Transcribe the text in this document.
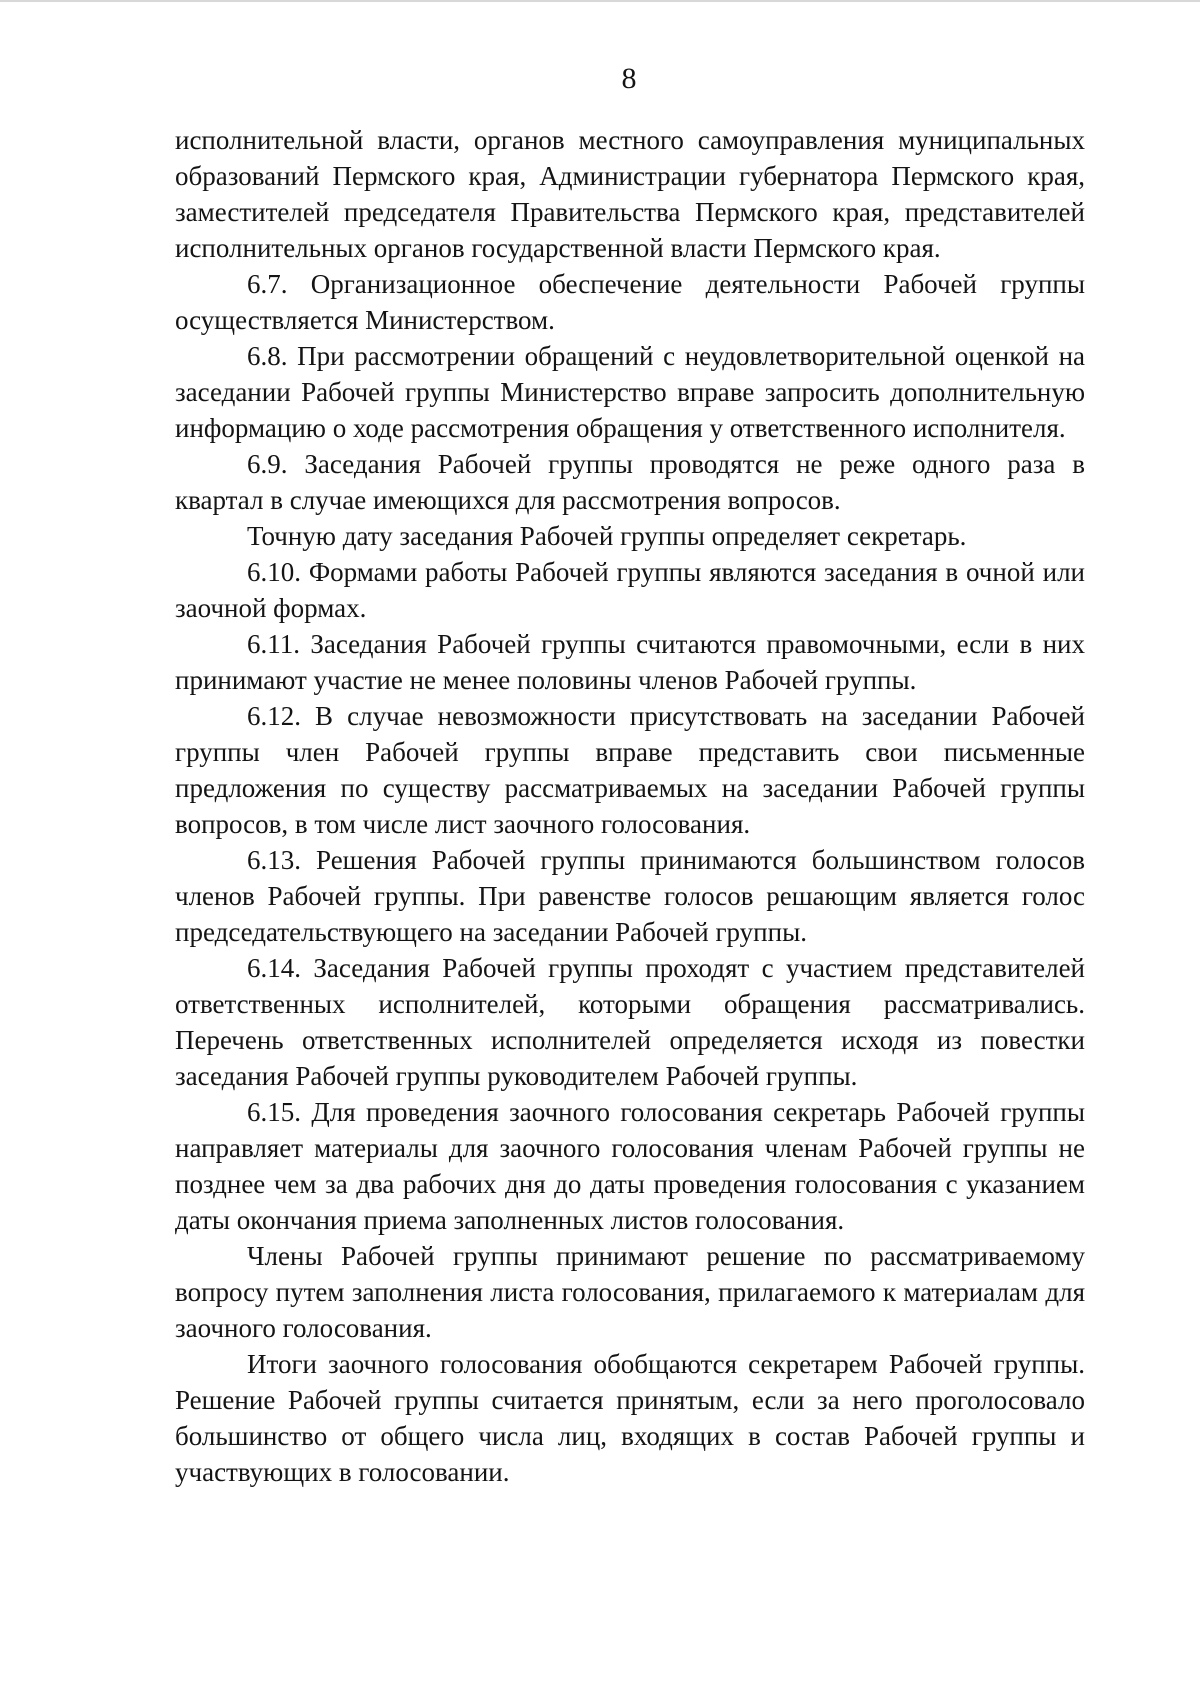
8

исполнительной власти, органов местного самоуправления муниципальных образований Пермского края, Администрации губернатора Пермского края, заместителей председателя Правительства Пермского края, представителей исполнительных органов государственной власти Пермского края.

6.7. Организационное обеспечение деятельности Рабочей группы осуществляется Министерством.

6.8. При рассмотрении обращений с неудовлетворительной оценкой на заседании Рабочей группы Министерство вправе запросить дополнительную информацию о ходе рассмотрения обращения у ответственного исполнителя.

6.9. Заседания Рабочей группы проводятся не реже одного раза в квартал в случае имеющихся для рассмотрения вопросов.

Точную дату заседания Рабочей группы определяет секретарь.

6.10. Формами работы Рабочей группы являются заседания в очной или заочной формах.

6.11. Заседания Рабочей группы считаются правомочными, если в них принимают участие не менее половины членов Рабочей группы.

6.12. В случае невозможности присутствовать на заседании Рабочей группы член Рабочей группы вправе представить свои письменные предложения по существу рассматриваемых на заседании Рабочей группы вопросов, в том числе лист заочного голосования.

6.13. Решения Рабочей группы принимаются большинством голосов членов Рабочей группы. При равенстве голосов решающим является голос председательствующего на заседании Рабочей группы.

6.14. Заседания Рабочей группы проходят с участием представителей ответственных исполнителей, которыми обращения рассматривались. Перечень ответственных исполнителей определяется исходя из повестки заседания Рабочей группы руководителем Рабочей группы.

6.15. Для проведения заочного голосования секретарь Рабочей группы направляет материалы для заочного голосования членам Рабочей группы не позднее чем за два рабочих дня до даты проведения голосования с указанием даты окончания приема заполненных листов голосования.

Члены Рабочей группы принимают решение по рассматриваемому вопросу путем заполнения листа голосования, прилагаемого к материалам для заочного голосования.

Итоги заочного голосования обобщаются секретарем Рабочей группы. Решение Рабочей группы считается принятым, если за него проголосовало большинство от общего числа лиц, входящих в состав Рабочей группы и участвующих в голосовании.
